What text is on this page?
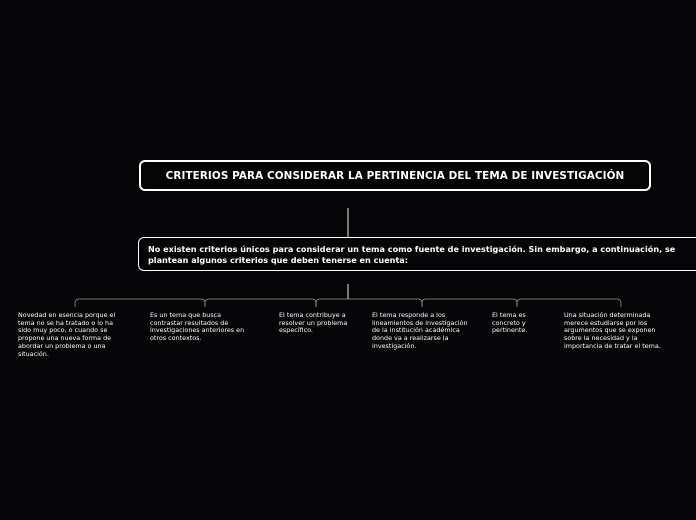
CRITERIOS PARA CONSIDERAR LA PERTINENCIA DEL TEMA DE INVESTIGACIÓN
No existen criterios únicos para considerar un tema como fuente de investigación. Sin embargo, a continuación, se
plantean algunos criterios que deben tenerse en cuenta:
Novedad en esencia porque el
tema no se ha tratado o lo ha
sido muy poco, o cuando se
propone una nueva forma de
abordar un problema o una
situación.
Es un tema que busca
contrastar resultados de
investigaciones anteriores en
otros contextos.
El tema contribuye a
resolver un problema
específico.
El tema responde a los
lineamientos de investigación
de la institución académica
donde va a realizarse la
investigación.
El tema es
concreto y
pertinente.
Una situación determinada
merece estudiarse por los
argumentos que se exponen
sobre la necesidad y la
importancia de tratar el tema.
